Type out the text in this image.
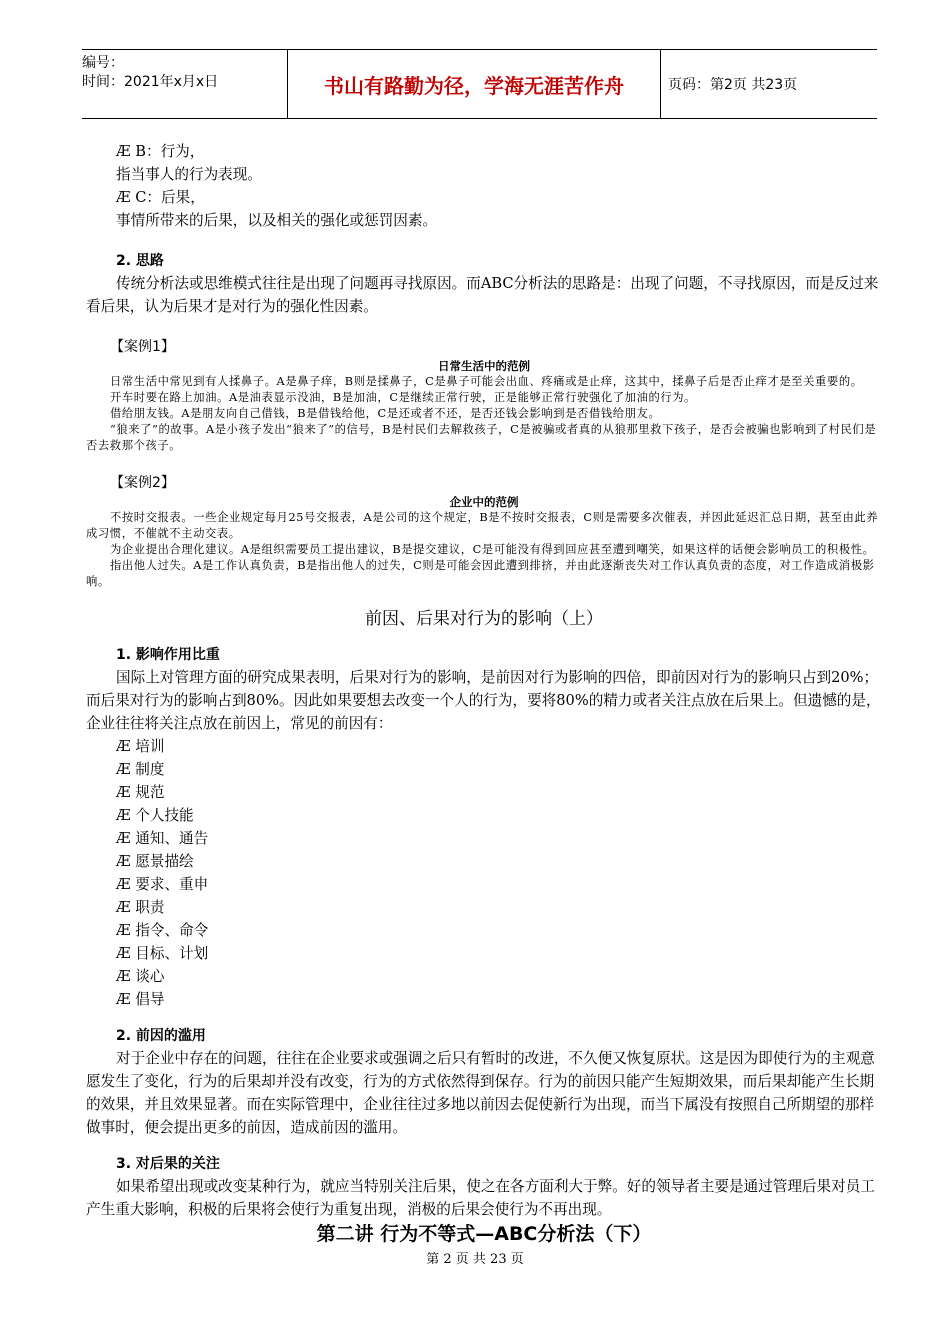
编号：
时间：2021年x月x日	书山有路勤为径，学海无涯苦作舟	页码：第2页 共23页
Æ B：行为，

指当事人的行为表现。

Æ C：后果，

事情所带来的后果，以及相关的强化或惩罚因素。

2. 思路

传统分析法或思维模式往往是出现了问题再寻找原因。而ABC分析法的思路是：出现了问题，不寻找原因，而是反过来看后果，认为后果才是对行为的强化性因素。

【案例1】
日常生活中的范例

日常生活中常见到有人揉鼻子。A是鼻子痒，B则是揉鼻子，C是鼻子可能会出血、疼痛或是止痒，这其中，揉鼻子后是否止痒才是至关重要的。

开车时要在路上加油。A是油表显示没油，B是加油，C是继续正常行驶，正是能够正常行驶强化了加油的行为。

借给朋友钱。A是朋友向自己借钱，B是借钱给他，C是还或者不还，是否还钱会影响到是否借钱给朋友。

“狼来了”的故事。A是小孩子发出“狼来了”的信号，B是村民们去解救孩子，C是被骗或者真的从狼那里救下孩子，是否会被骗也影响到了村民们是否去救那个孩子。

【案例2】
企业中的范例

不按时交报表。一些企业规定每月25号交报表，A是公司的这个规定，B是不按时交报表，C则是需要多次催表，并因此延迟汇总日期，甚至由此养成习惯，不催就不主动交表。

为企业提出合理化建议。A是组织需要员工提出建议，B是提交建议，C是可能没有得到回应甚至遭到嘲笑，如果这样的话便会影响员工的积极性。

指出他人过失。A是工作认真负责，B是指出他人的过失，C则是可能会因此遭到排挤，并由此逐渐丧失对工作认真负责的态度，对工作造成消极影响。

前因、后果对行为的影响（上）
1. 影响作用比重

国际上对管理方面的研究成果表明，后果对行为的影响，是前因对行为影响的四倍，即前因对行为的影响只占到20%；而后果对行为的影响占到80%。因此如果要想去改变一个人的行为，要将80%的精力或者关注点放在后果上。但遗憾的是，企业往往将关注点放在前因上，常见的前因有：

Æ 培训
Æ 制度
Æ 规范
Æ 个人技能
Æ 通知、通告
Æ 愿景描绘
Æ 要求、重申
Æ 职责
Æ 指令、命令
Æ 目标、计划
Æ 谈心
Æ 倡导
2. 前因的滥用

对于企业中存在的问题，往往在企业要求或强调之后只有暂时的改进，不久便又恢复原状。这是因为即使行为的主观意愿发生了变化，行为的后果却并没有改变，行为的方式依然得到保存。行为的前因只能产生短期效果，而后果却能产生长期的效果，并且效果显著。而在实际管理中，企业往往过多地以前因去促使新行为出现，而当下属没有按照自己所期望的那样做事时，便会提出更多的前因，造成前因的滥用。

3. 对后果的关注

如果希望出现或改变某种行为，就应当特别关注后果，使之在各方面利大于弊。好的领导者主要是通过管理后果对员工产生重大影响，积极的后果将会使行为重复出现，消极的后果会使行为不再出现。

第二讲 行为不等式—ABC分析法（下）
第 2 页 共 23 页
